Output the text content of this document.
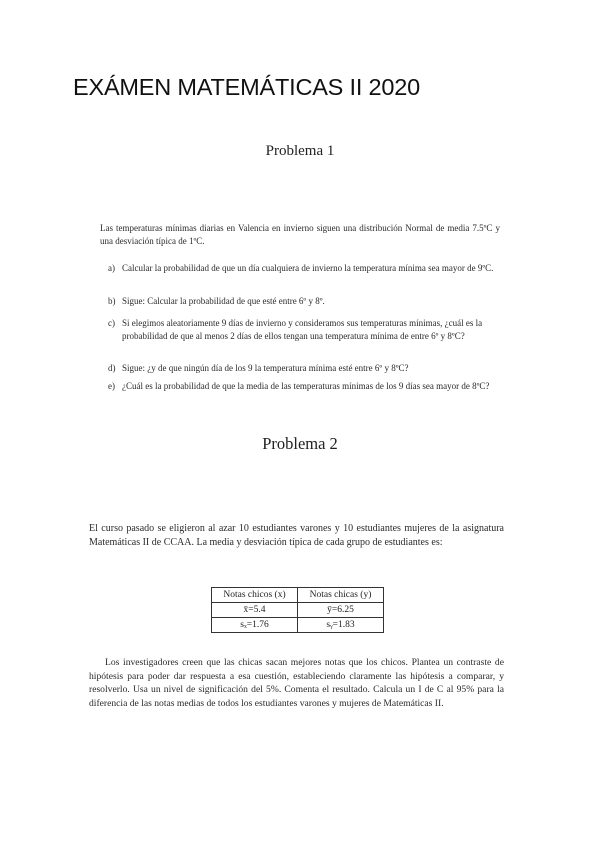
EXÁMEN MATEMÁTICAS II 2020
Problema 1

Las temperaturas mínimas diarias en Valencia en invierno siguen una distribución Normal de media 7.5ºC y una desviación típica de 1ºC.

a) Calcular la probabilidad de que un día cualquiera de invierno la temperatura mínima sea mayor de 9ºC.
b) Sigue: Calcular la probabilidad de que esté entre 6º y 8º.
c) Si elegimos aleatoriamente 9 días de invierno y consideramos sus temperaturas mínimas, ¿cuál es la probabilidad de que al menos 2 días de ellos tengan una temperatura mínima de entre 6º y 8ºC?
d) Sigue: ¿y de que ningún día de los 9 la temperatura mínima esté entre 6º y 8ºC?
e) ¿Cuál es la probabilidad de que la media de las temperaturas mínimas de los 9 días sea mayor de 8ºC?
Problema 2

El curso pasado se eligieron al azar 10 estudiantes varones y 10 estudiantes mujeres de la asignatura Matemáticas II de CCAA. La media y desviación típica de cada grupo de estudiantes es:

Notas chicos (x)	Notas chicas (y)
x̄=5.4	ȳ=6.25
sₓ=1.76	sᵧ=1.83

Los investigadores creen que las chicas sacan mejores notas que los chicos. Plantea un contraste de hipótesis para poder dar respuesta a esa cuestión, estableciendo claramente las hipótesis a comparar, y resolverlo. Usa un nivel de significación del 5%. Comenta el resultado. Calcula un I de C al 95% para la diferencia de las notas medias de todos los estudiantes varones y mujeres de Matemáticas II.
